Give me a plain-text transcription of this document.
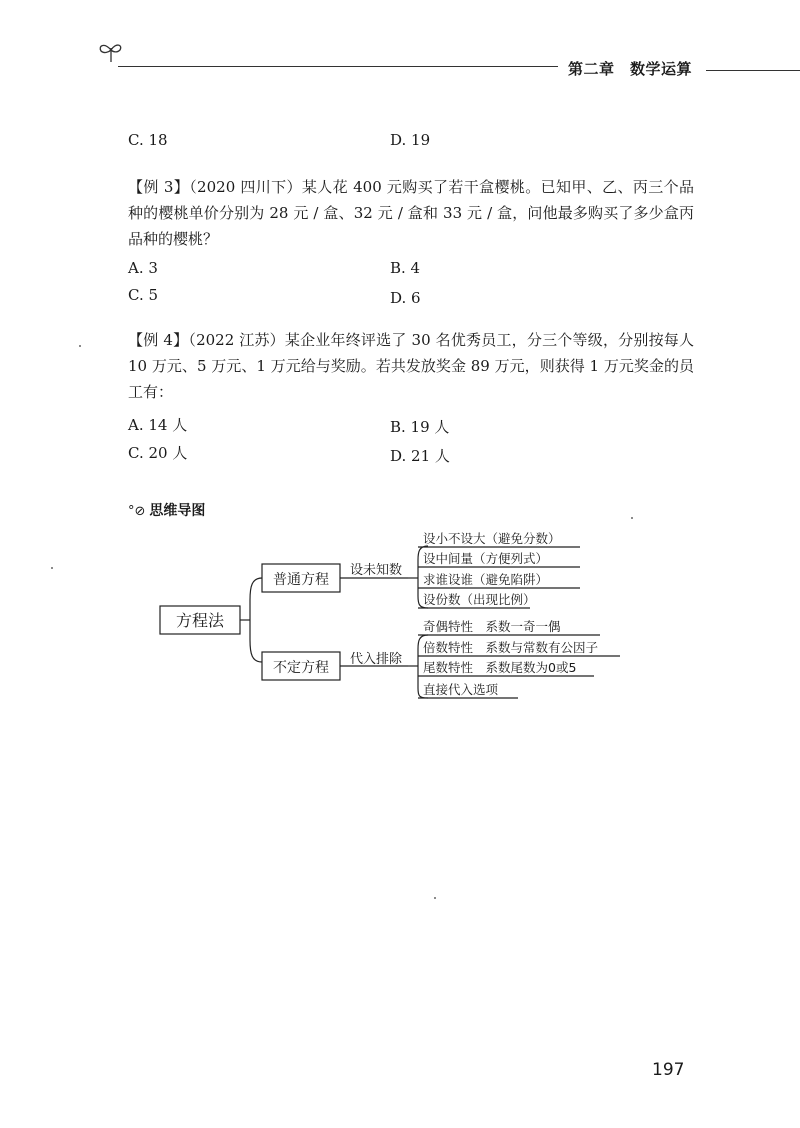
第二章　数学运算
C. 18	D. 19
【例 3】（2020 四川下）某人花 400 元购买了若干盒樱桃。已知甲、乙、丙三个品种的樱桃单价分别为 28 元 / 盒、32 元 / 盒和 33 元 / 盒，问他最多购买了多少盒丙品种的樱桃？
A. 3	B. 4
C. 5	D. 6
【例 4】（2022 江苏）某企业年终评选了 30 名优秀员工，分三个等级，分别按每人 10 万元、5 万元、1 万元给与奖励。若共发放奖金 89 万元，则获得 1 万元奖金的员工有：
A. 14 人	B. 19 人
C. 20 人	D. 21 人
°⊘ 思维导图
方程法
普通方程
不定方程
设未知数
代入排除
设小不设大（避免分数）
设中间量（方便列式）
求谁设谁（避免陷阱）
设份数（出现比例）
奇偶特性　系数一奇一偶
倍数特性　系数与常数有公因子
尾数特性　系数尾数为0或5
直接代入选项
197
